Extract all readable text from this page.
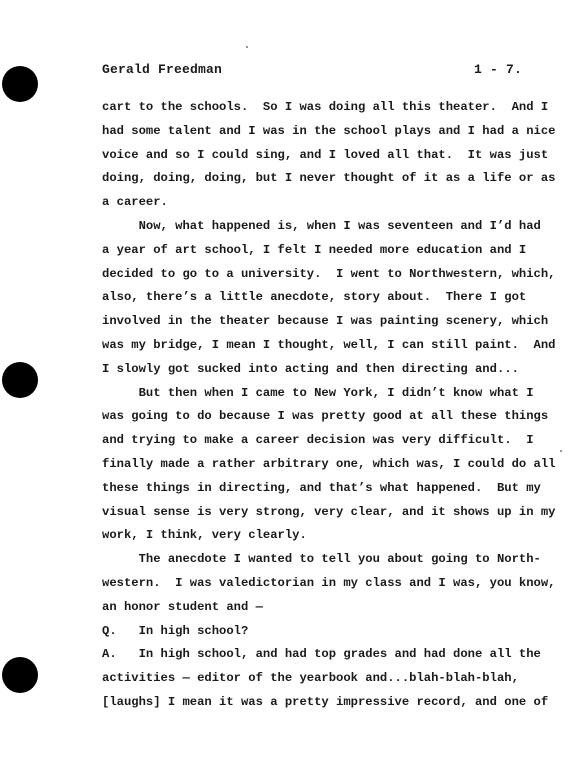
Gerald Freedman	1 - 7.
cart to the schools.  So I was doing all this theater.  And I
had some talent and I was in the school plays and I had a nice
voice and so I could sing, and I loved all that.  It was just
doing, doing, doing, but I never thought of it as a life or as
a career.
Now, what happened is, when I was seventeen and I’d had
a year of art school, I felt I needed more education and I
decided to go to a university.  I went to Northwestern, which,
also, there’s a little anecdote, story about.  There I got
involved in the theater because I was painting scenery, which
was my bridge, I mean I thought, well, I can still paint.  And
I slowly got sucked into acting and then directing and...
But then when I came to New York, I didn’t know what I
was going to do because I was pretty good at all these things
and trying to make a career decision was very difficult.  I
finally made a rather arbitrary one, which was, I could do all
these things in directing, and that’s what happened.  But my
visual sense is very strong, very clear, and it shows up in my
work, I think, very clearly.
The anecdote I wanted to tell you about going to North-
western.  I was valedictorian in my class and I was, you know,
an honor student and —
Q.   In high school?
A.   In high school, and had top grades and had done all the
activities — editor of the yearbook and...blah-blah-blah,
[laughs] I mean it was a pretty impressive record, and one of
